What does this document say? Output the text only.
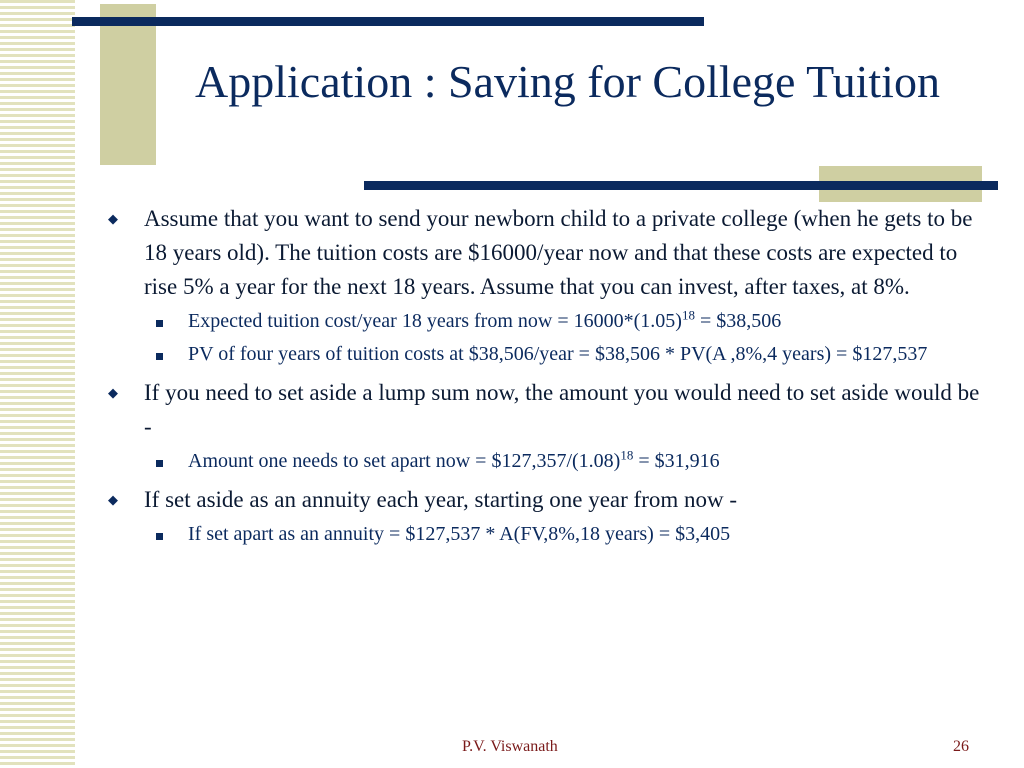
Application : Saving for College Tuition
◆ Assume that you want to send your newborn child to a private college (when he gets to be 18 years old). The tuition costs are $16000/year now and that these costs are expected to rise 5% a year for the next 18 years. Assume that you can invest, after taxes, at 8%.
Expected tuition cost/year 18 years from now = $16000*(1.05)^{18}$ = $38,506
PV of four years of tuition costs at $38,506/year = $38,506 * PV(A ,8%,4 years) = $127,537
◆ If you need to set aside a lump sum now, the amount you would need to set aside would be -
Amount one needs to set apart now = $\$127,357/(1.08)^{18}$ = $31,916
◆ If set aside as an annuity each year, starting one year from now -
If set apart as an annuity = $127,537 * A(FV,8%,18 years) = $3,405
P.V. Viswanath	26
